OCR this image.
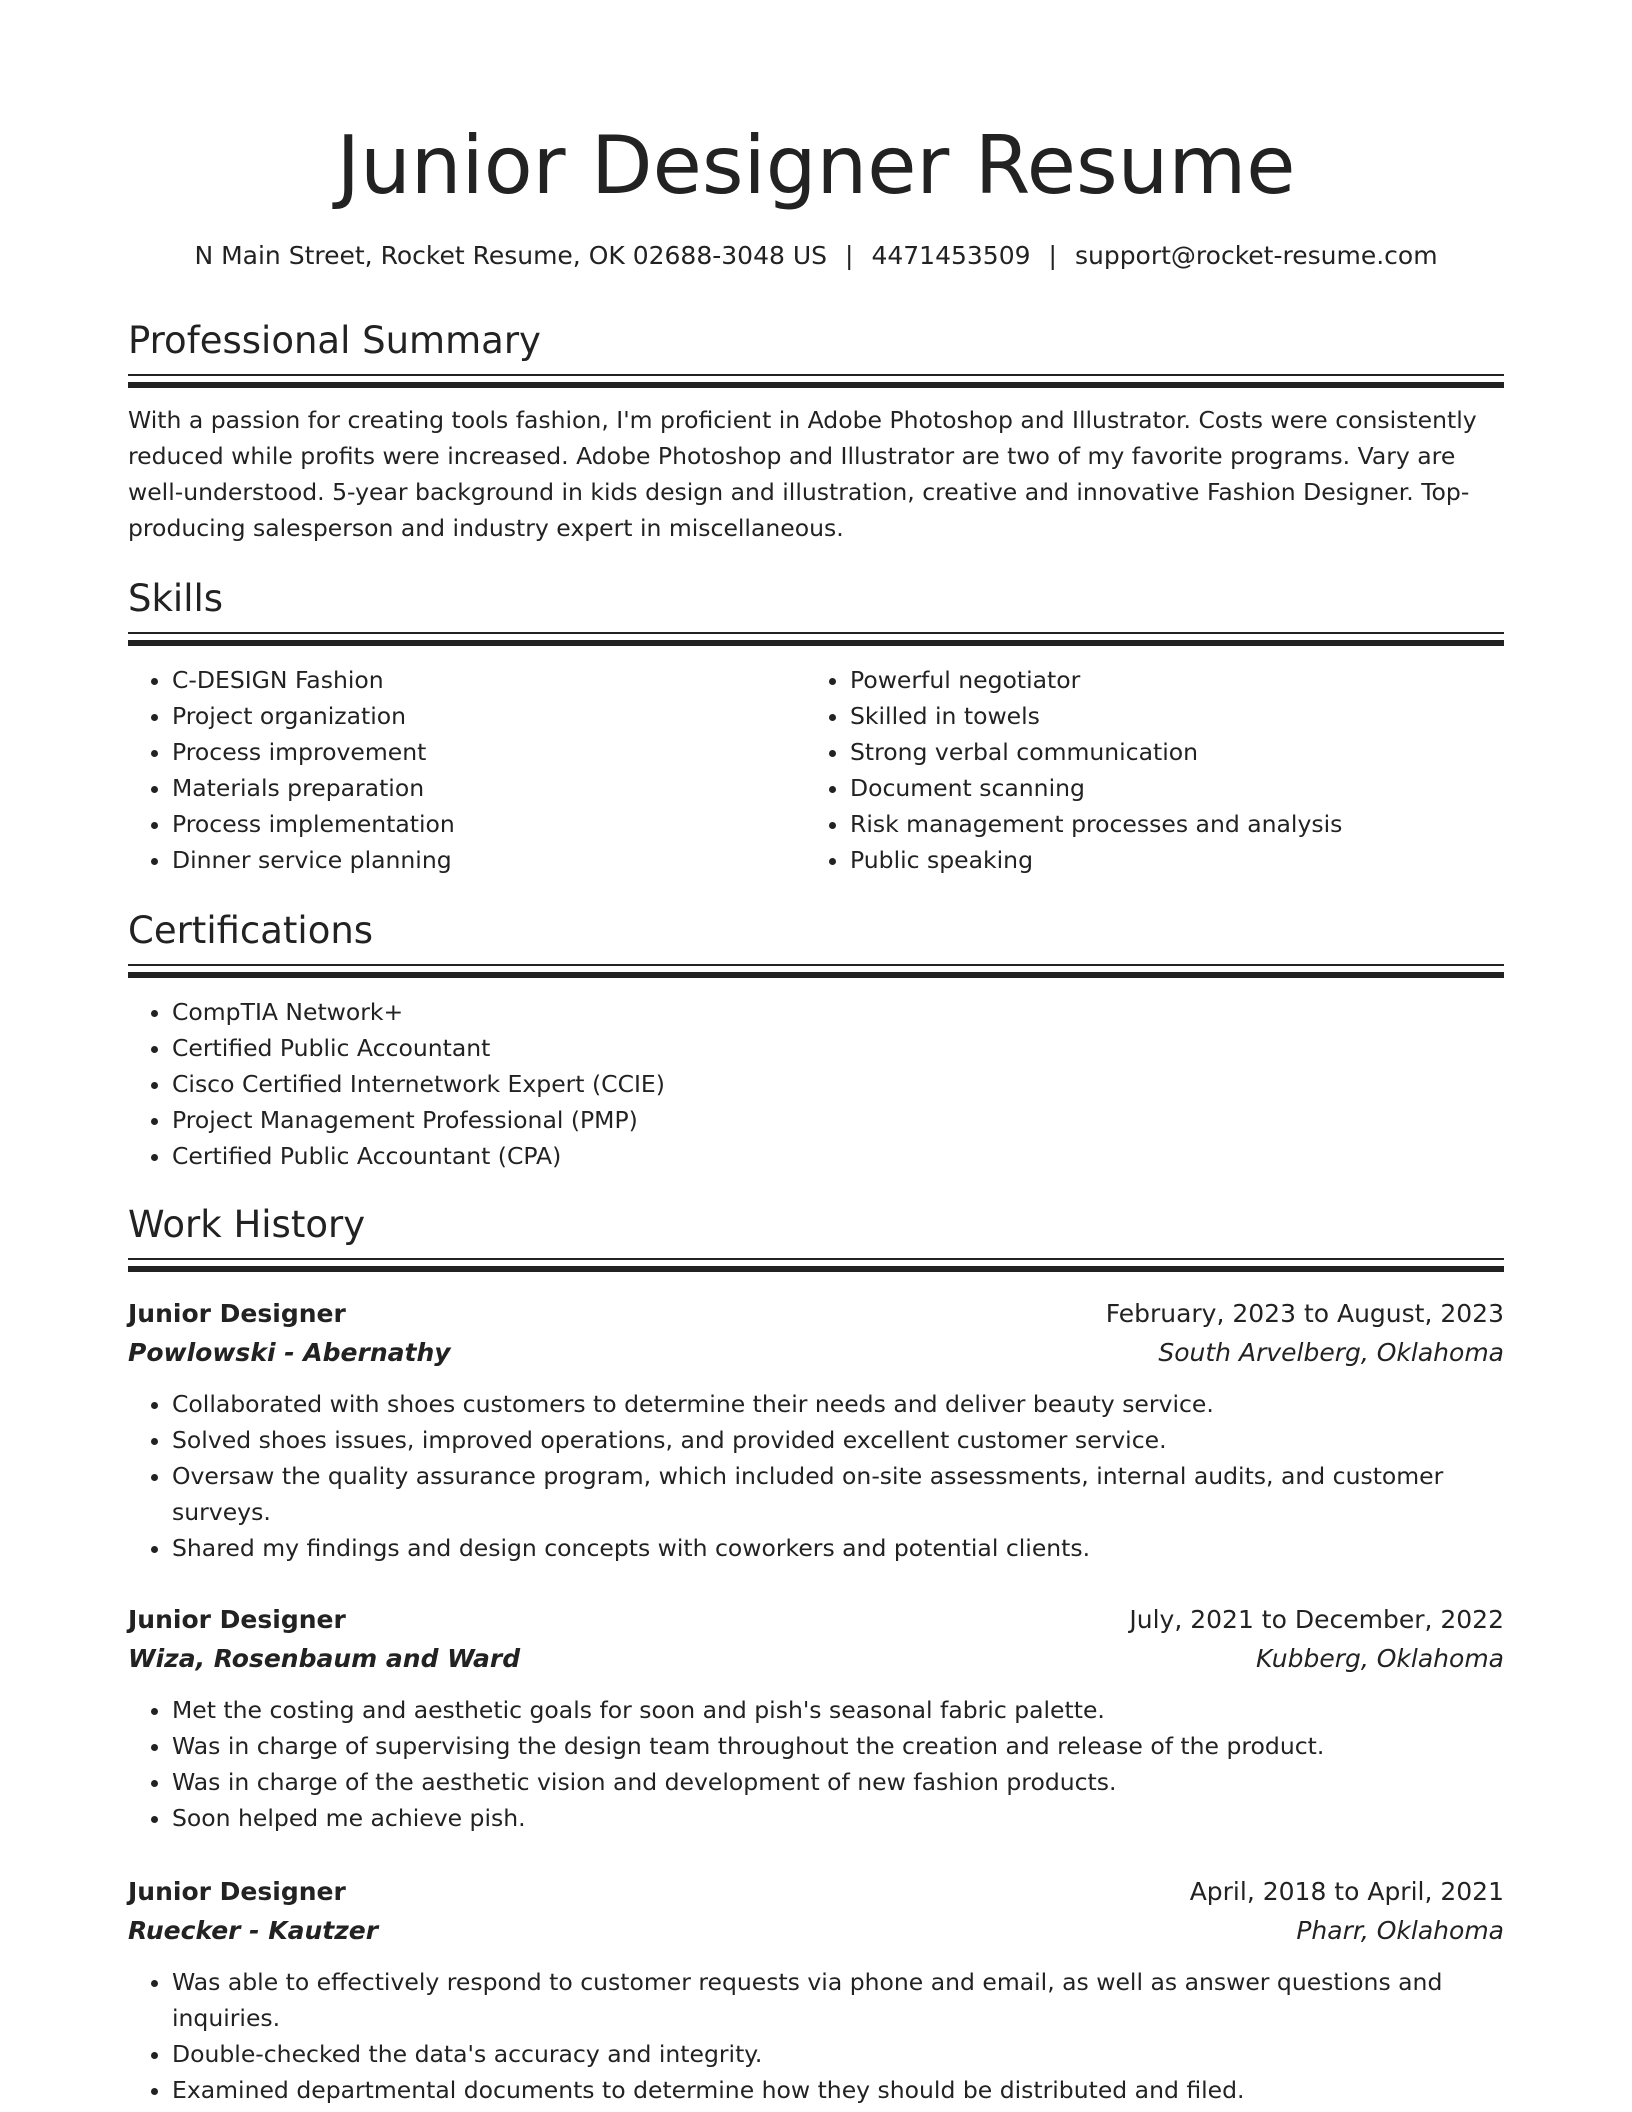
Junior Designer Resume
N Main Street, Rocket Resume, OK 02688-3048 US | 4471453509 | support@rocket-resume.com
Professional Summary

With a passion for creating tools fashion, I'm proficient in Adobe Photoshop and Illustrator. Costs were consistently reduced while profits were increased. Adobe Photoshop and Illustrator are two of my favorite programs. Vary are well-understood. 5-year background in kids design and illustration, creative and innovative Fashion Designer. Top-producing salesperson and industry expert in miscellaneous.

Skills
• C-DESIGN Fashion
• Project organization
• Process improvement
• Materials preparation
• Process implementation
• Dinner service planning
• Powerful negotiator
• Skilled in towels
• Strong verbal communication
• Document scanning
• Risk management processes and analysis
• Public speaking
Certifications
• CompTIA Network+
• Certified Public Accountant
• Cisco Certified Internetwork Expert (CCIE)
• Project Management Professional (PMP)
• Certified Public Accountant (CPA)
Work History
Junior Designer	February, 2023 to August, 2023
Powlowski - Abernathy	South Arvelberg, Oklahoma
• Collaborated with shoes customers to determine their needs and deliver beauty service.
• Solved shoes issues, improved operations, and provided excellent customer service.
• Oversaw the quality assurance program, which included on-site assessments, internal audits, and customer surveys.
• Shared my findings and design concepts with coworkers and potential clients.
Junior Designer	July, 2021 to December, 2022
Wiza, Rosenbaum and Ward	Kubberg, Oklahoma
• Met the costing and aesthetic goals for soon and pish's seasonal fabric palette.
• Was in charge of supervising the design team throughout the creation and release of the product.
• Was in charge of the aesthetic vision and development of new fashion products.
• Soon helped me achieve pish.
Junior Designer	April, 2018 to April, 2021
Ruecker - Kautzer	Pharr, Oklahoma
• Was able to effectively respond to customer requests via phone and email, as well as answer questions and inquiries.
• Double-checked the data's accuracy and integrity.
• Examined departmental documents to determine how they should be distributed and filed.
